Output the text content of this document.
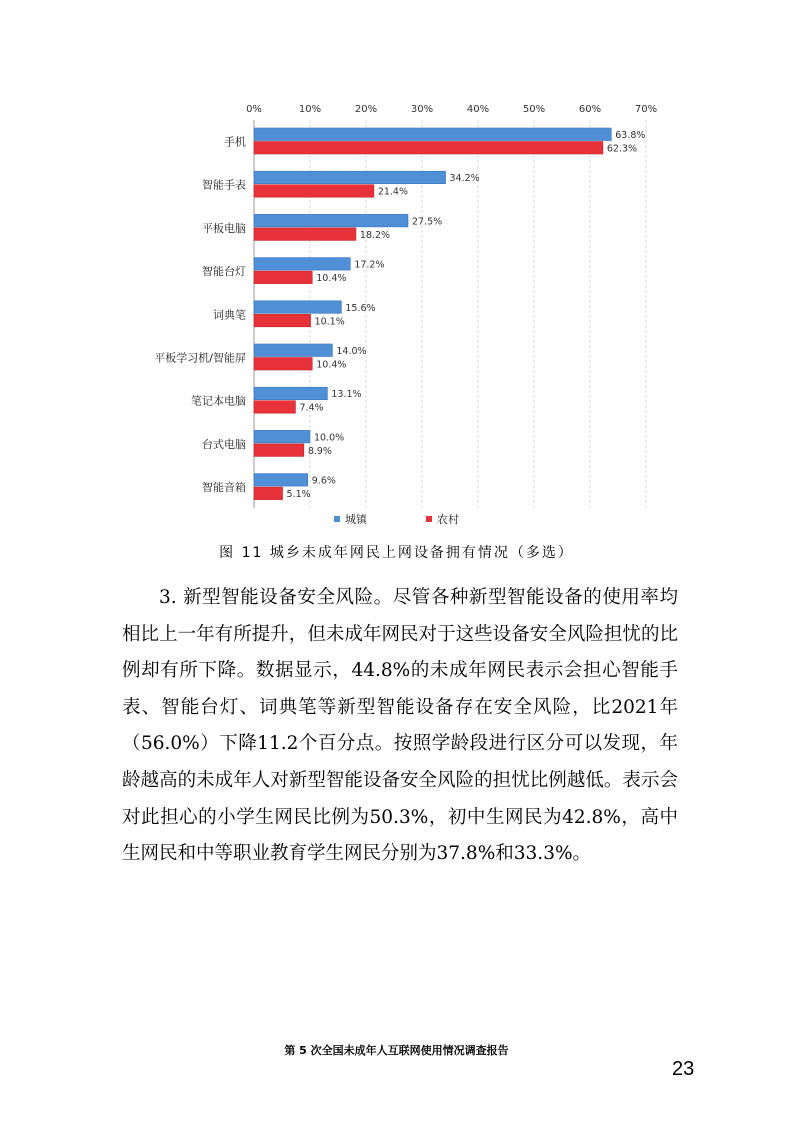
0%	10%	20%	30%	40%	50%	60%	70%
手机
智能手表
平板电脑
智能台灯
词典笔
平板学习机/智能屏
笔记本电脑
台式电脑
智能音箱
63.8%
62.3%
34.2%
21.4%
27.5%
18.2%
17.2%
10.4%
15.6%
10.1%
14.0%
10.4%
13.1%
7.4%
10.0%
8.9%
9.6%
5.1%
城镇	农村
图 11 城乡未成年网民上网设备拥有情况（多选）

3. 新型智能设备安全风险。尽管各种新型智能设备的使用率均相比上一年有所提升，但未成年网民对于这些设备安全风险担忧的比例却有所下降。数据显示，44.8%的未成年网民表示会担心智能手表、智能台灯、词典笔等新型智能设备存在安全风险，比2021年（56.0%）下降11.2个百分点。按照学龄段进行区分可以发现，年龄越高的未成年人对新型智能设备安全风险的担忧比例越低。表示会对此担心的小学生网民比例为50.3%，初中生网民为42.8%，高中生网民和中等职业教育学生网民分别为37.8%和33.3%。

第 5 次全国未成年人互联网使用情况调查报告
23
